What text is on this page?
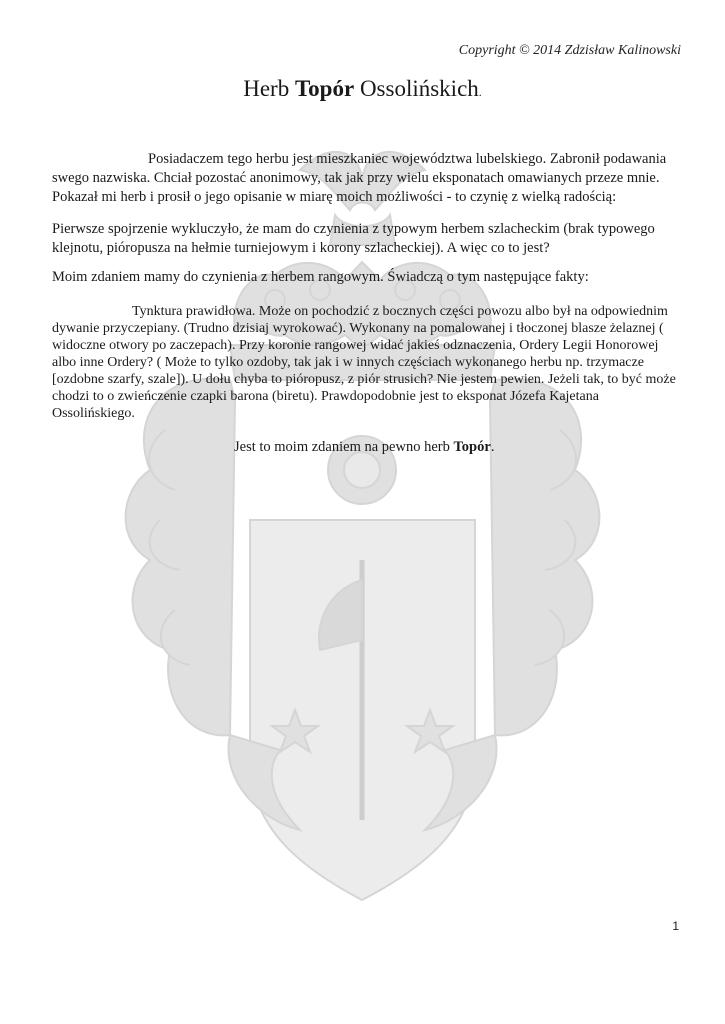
Copyright © 2014 Zdzisław Kalinowski
Herb Topór Ossolińskich.

Posiadaczem tego herbu jest mieszkaniec województwa lubelskiego. Zabronił podawania swego nazwiska. Chciał pozostać anonimowy, tak jak przy wielu eksponatach omawianych przeze mnie. Pokazał mi herb i prosił o jego opisanie w miarę moich możliwości - to czynię z wielką radością:

Pierwsze spojrzenie wykluczyło, że mam do czynienia z typowym herbem szlacheckim (brak typowego klejnotu, pióropusza na hełmie turniejowym i korony szlacheckiej). A więc co to jest?

Moim zdaniem mamy do czynienia z herbem rangowym. Świadczą o tym następujące fakty:

Tynktura prawidłowa. Może on pochodzić z bocznych części powozu albo był na odpowiednim dywanie przyczepiany. (Trudno dzisiaj wyrokować). Wykonany na pomalowanej i tłoczonej blasze żelaznej ( widoczne otwory po zaczepach). Przy koronie rangowej widać jakieś odznaczenia, Ordery Legii Honorowej albo inne Ordery? ( Może to tylko ozdoby, tak jak i w innych częściach wykonanego herbu np. trzymacze [ozdobne szarfy, szale]). U dołu chyba to pióropusz, z piór strusich? Nie jestem pewien. Jeżeli tak, to być może chodzi to o zwieńczenie czapki barona (biretu). Prawdopodobnie jest to eksponat Józefa Kajetana Ossolińskiego.

Jest to moim zdaniem na pewno herb Topór.

1
